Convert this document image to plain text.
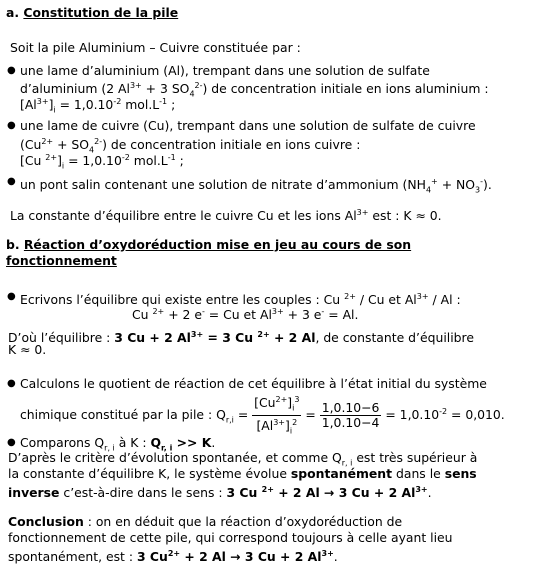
a. Constitution de la pile
Soit la pile Aluminium – Cuivre constituée par :
● une lame d’aluminium (Al), trempant dans une solution de sulfate
d’aluminium (2 $Al^{3+} + 3$ $SO_4^{2-}$) de concentration initiale en ions aluminium :
$[Al^{3+}]_i = 1,0.10^{-2}$ $mol.L^{-1}$ ;
● une lame de cuivre (Cu), trempant dans une solution de sulfate de cuivre
$(Cu^{2+} + SO_4^{2-})$ de concentration initiale en ions cuivre :
[Cu $^{2+}]_i = 1,0.10^{-2}$ $mol.L^{-1}$ ;
● un pont salin contenant une solution de nitrate d’ammonium $(NH_4^+ + NO_3^-)$.
La constante d’équilibre entre le cuivre Cu et les ions $Al^{3+}$ est : K ≈ 0.
b. Réaction d’oxydoréduction mise en jeu au cours de son
fonctionnement
● Ecrivons l’équilibre qui existe entre les couples : Cu $^{2+}$ / Cu et $Al^{3+}$ / Al :
Cu $^{2+}$ + 2 e- = Cu et $Al^{3+} + 3$ e- = Al.
D’où l’équilibre : 3 Cu + 2 $Al^{3+} = 3$ Cu $^{2+}$ + 2 Al, de constante d’équilibre
K ≈ 0.
● Calculons le quotient de réaction de cet équilibre à l’état initial du système
chimique constitué par la pile : $Q_{r,i} = \frac{[Cu^{2+}]_i^3}{[Al^{3+}]_i^2} = \frac{1,0.10-6}{1,0.10-4} = 1,0.10^{-2} = 0,010$.
● Comparons $Q_{r, i}$ à K : $Q_{r, i} >> K$.
D’après le critère d’évolution spontanée, et comme $Q_{r, i}$ est très supérieur à
la constante d’équilibre K, le système évolue spontanément dans le sens
inverse c’est-à-dire dans le sens : 3 Cu $^{2+}$ + 2 Al → 3 Cu + 2 $Al^{3+}$.
Conclusion : on en déduit que la réaction d’oxydoréduction de
fonctionnement de cette pile, qui correspond toujours à celle ayant lieu
spontanément, est : 3 $Cu^{2+} + 2$ Al → 3 Cu + 2 $Al^{3+}$.
